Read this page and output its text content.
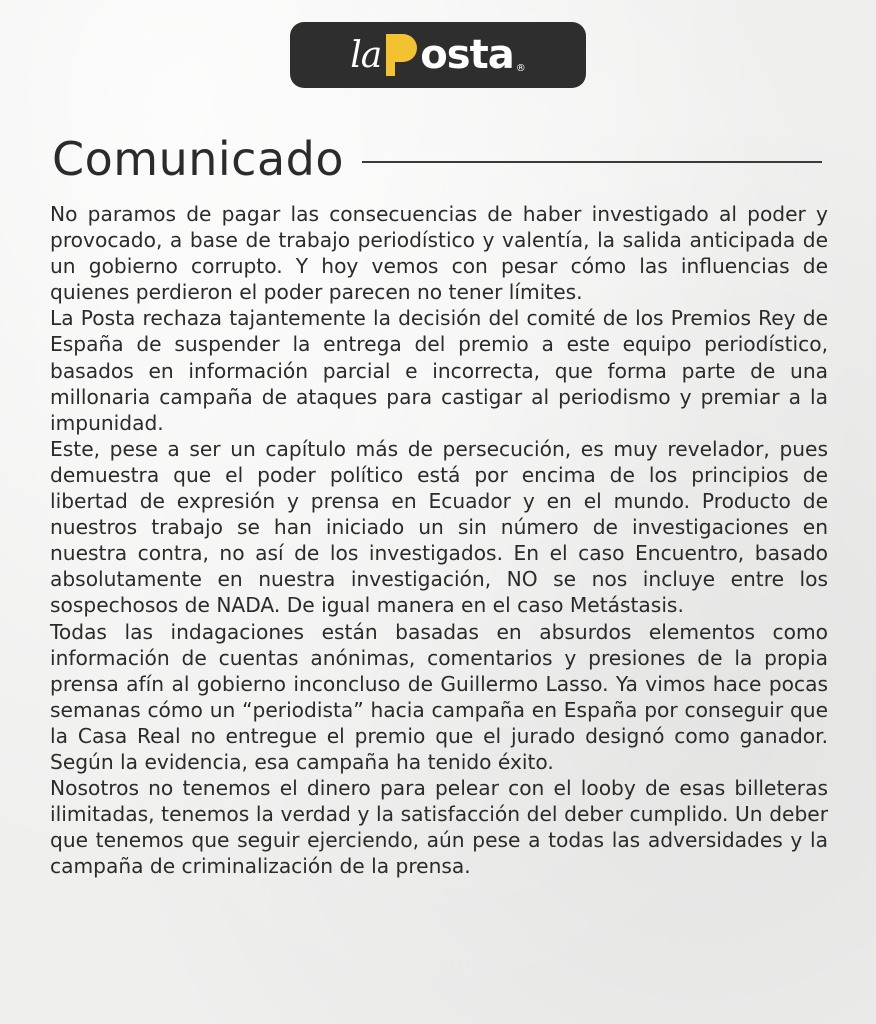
la
P osta ®
Comunicado

No paramos de pagar las consecuencias de haber investigado al poder y provocado, a base de trabajo periodístico y valentía, la salida anticipada de un gobierno corrupto. Y hoy vemos con pesar cómo las influencias de quienes perdieron el poder parecen no tener límites.

La Posta rechaza tajantemente la decisión del comité de los Premios Rey de España de suspender la entrega del premio a este equipo periodístico, basados en información parcial e incorrecta, que forma parte de una millonaria campaña de ataques para castigar al periodismo y premiar a la impunidad.

Este, pese a ser un capítulo más de persecución, es muy revelador, pues demuestra que el poder político está por encima de los principios de libertad de expresión y prensa en Ecuador y en el mundo. Producto de nuestros trabajo se han iniciado un sin número de investigaciones en nuestra contra, no así de los investigados. En el caso Encuentro, basado absolutamente en nuestra investigación, NO se nos incluye entre los sospechosos de NADA. De igual manera en el caso Metástasis.

Todas las indagaciones están basadas en absurdos elementos como información de cuentas anónimas, comentarios y presiones de la propia prensa afín al gobierno inconcluso de Guillermo Lasso. Ya vimos hace pocas semanas cómo un “periodista” hacia campaña en España por conseguir que la Casa Real no entregue el premio que el jurado designó como ganador. Según la evidencia, esa campaña ha tenido éxito.

Nosotros no tenemos el dinero para pelear con el looby de esas billeteras ilimitadas, tenemos la verdad y la satisfacción del deber cumplido. Un deber que tenemos que seguir ejerciendo, aún pese a todas las adversidades y la campaña de criminalización de la prensa.
